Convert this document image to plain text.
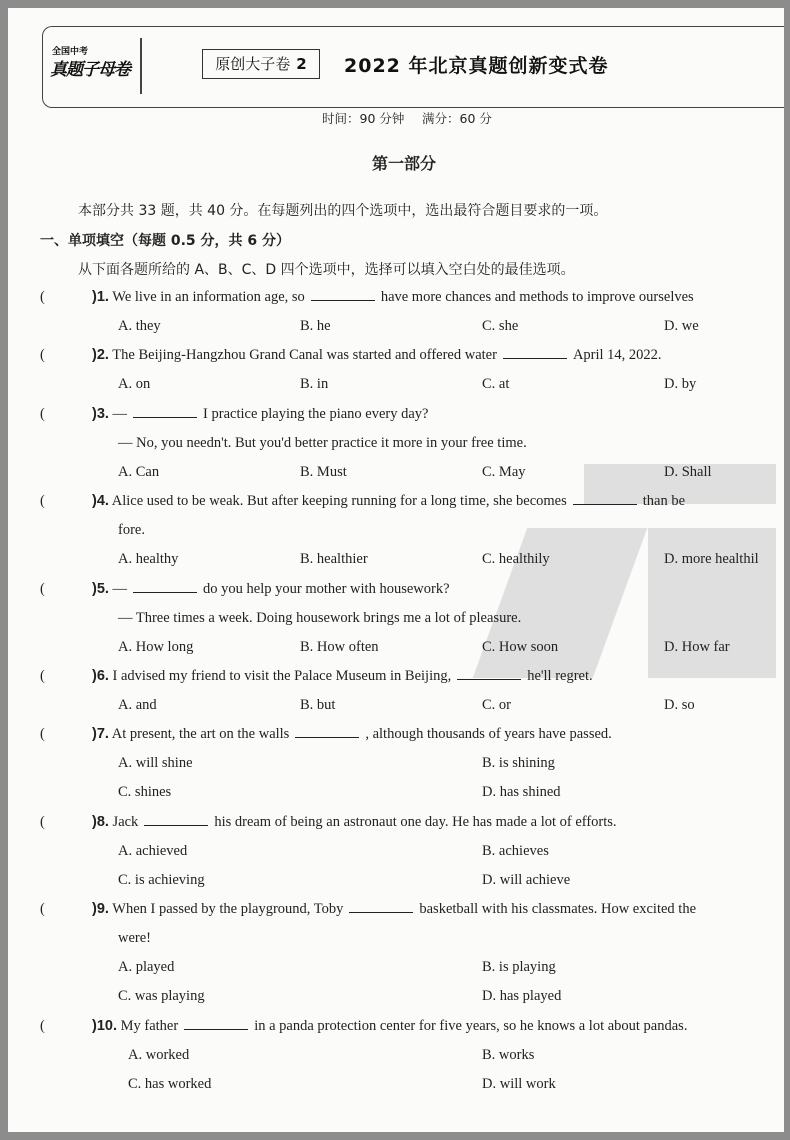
全国中考
真题子母卷	原创大子卷 2	2022 年北京真题创新变式卷
时间：90 分钟 满分：60 分
第一部分
本部分共 33 题，共 40 分。在每题列出的四个选项中，选出最符合题目要求的一项。
一、单项填空（每题 0.5 分，共 6 分）
从下面各题所给的 A、B、C、D 四个选项中，选择可以填入空白处的最佳选项。
(	)1. We live in an information age, so	have more chances and methods to improve ourselves
A. they	B. he	C. she	D. we
(	)2. The Beijing-Hangzhou Grand Canal was started and offered water	April 14, 2022.
A. on	B. in	C. at	D. by
(	)3. —	I practice playing the piano every day?
— No, you needn't. But you'd better practice it more in your free time.
A. Can	B. Must	C. May	D. Shall
(	)4. Alice used to be weak. But after keeping running for a long time, she becomes	than be
fore.
A. healthy	B. healthier	C. healthily	D. more healthil
(	)5. —	do you help your mother with housework?
— Three times a week. Doing housework brings me a lot of pleasure.
A. How long	B. How often	C. How soon	D. How far
(	)6. I advised my friend to visit the Palace Museum in Beijing,	he'll regret.
A. and	B. but	C. or	D. so
(	)7. At present, the art on the walls	, although thousands of years have passed.
A. will shine	B. is shining
C. shines	D. has shined
(	)8. Jack	his dream of being an astronaut one day. He has made a lot of efforts.
A. achieved	B. achieves
C. is achieving	D. will achieve
(	)9. When I passed by the playground, Toby	basketball with his classmates. How excited the
were!
A. played	B. is playing
C. was playing	D. has played
(	)10. My father	in a panda protection center for five years, so he knows a lot about pandas.
A. worked	B. works
C. has worked	D. will work
